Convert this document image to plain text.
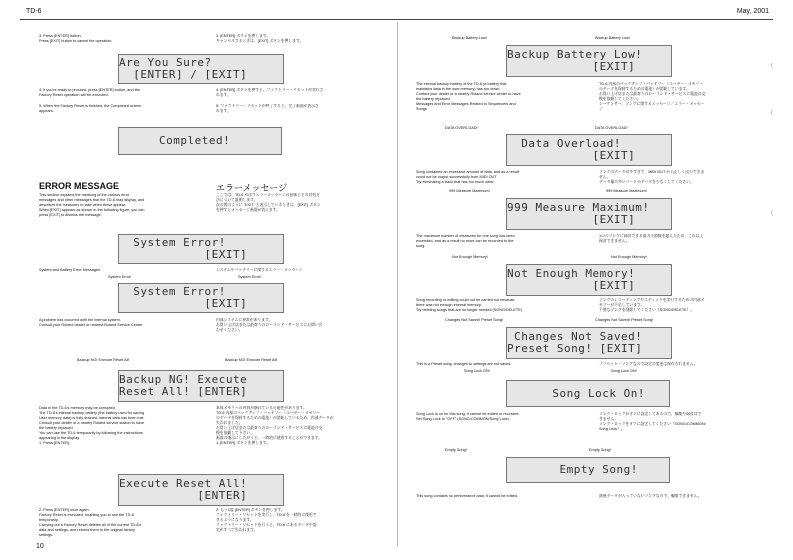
TD-6	May, 2001
(
(
(
3. Press [ENTER] button.
Press [EXIT] button to cancel the operation.
3. [ENTER] ボタンを押します。
キャンセルするときは、[EXIT] ボタンを押します。
Are You Sure?
[ENTER] / [EXIT]
4. If you're ready to proceed, press [ENTER] button, and the
Factory Reset operation will be executed.
4. [ENTER] ボタンを押すと、ファクトリー・リセットが実行さ
れます。
5. When the Factory Reset is finished, the Completed screen
appears.
5. ファクトリー・リセットが終了すると、完了画面が表示さ
れます。
Completed!
ERROR MESSAGE	エラーメッセージ
This section explains the meaning of the various error
messages and other messages that the TD-6 may display, and
describes the measures to take when these appear.
When [EXIT] appears as shown in the following figure, you can
press [EXIT] to dismiss the message.
ここでは、TD-6 が出すエラーメッセージの意味とその対処方
法について説明します。
次の図のように "EXIT" と表示しているときは、[EXIT] ボタン
を押すとメッセージ画面が消えます。
System Error!
[EXIT]
System and Battery Error Messages	システムやバッテリーに関するエラー・メッセージ
System Error!	System Error!
System Error!
[EXIT]
A problem has occurred with the internal system.
Consult your Roland dealer or nearest Roland Service Center.
内部システムに異常があります。
お買い上げ店または最寄りのローランド・サービスにお問い合
わせください。
Backup NG! Execute Reset All!	Backup NG! Execute Reset All!
Backup NG! Execute
Reset All! [ENTER]
Data in the TD-6's memory may be corrupted.
The TD-6's internal backup battery (the battery used for saving
User memory data) is fully drained; internal data has been lost.
Consult your dealer or a nearby Roland service station to have
the battery replaced.
You can use the TD-6 temporarily by following the instructions
appearing in the display.
1. Press [ENTER].
本体メモリーの内容が壊れている可能性があります。
TD-6 内部のバックアップ・バッテリー（ユーザー・メモリー
のデータを保持するための電池）が消耗しているため、内部データが
失われました。
お買い上げ店または最寄りのローランド・サービスに電池の交
換を依頼して下さい。
画面の指示にしたがうと、一時的に使用することができます。
1. [ENTER] ボタンを押します。
Execute Reset All!
[ENTER]
2. Press [ENTER] once again.
Factory Reset is executed, enabling you to use the TD-6
temporarily.
Carrying out a Factory Reset deletes all of the current TD-6's
data and settings, and returns them to the original factory
settings.
2. もう1度 [ENTER] ボタンを押します。
ファクトリー・リセットを実行し、TD-6 を一時的に使用で
きるようになります。
ファクトリー・リセットを行うと、TD-6 にあるデータや設
定がすべて失われます。
10
Backup Battery Low!	Backup Battery Low!
Backup Battery Low!
[EXIT]
The internal backup battery of the TD-6 (a battery that
maintains data in the user memory) has run down.
Contact your dealer or a nearby Roland service center to have
the battery replaced.
Messages and Error Messages Related to Sequencers and
Songs
TD-6 内部のバックアップ・バッテリー（ユーザー・メモリー
のデータを保持するための電池）が消耗しています。
お買い上げ店または最寄りのローランド・サービスに電池の交
換を依頼してください。
シーケンサー、ソングに関するメッセージ／エラー・メッセー
ジ
DATA OVERLOAD!	DATA OVERLOAD!
Data Overload!
[EXIT]
Song contained an excessive amount of data, and as a result
could not be output successfully from MIDI OUT.
Try eliminating a track that has too much data.
ソングのデータが多すぎて、MIDI OUT から正しく出力できま
せん。
データ量の多いパートのデータを少なくしてください。
999 Measure Maximum!	999 Measure Maximum!
999 Measure Maximum!
[EXIT]
The maximum number of measures for one song has been
exceeded, and as a result no more can be recorded to the
song.
1つのソングに録音できる最大小節数を超えたため、これ以上
録音できません。
Not Enough Memory!	Not Enough Memory!
Not Enough Memory!
[EXIT]
Song recording or editing could not be carried out because
there was not enough internal memory.
Try deleting songs that are no longer needed (SONG/DELETE).
ソングのレコーディングやエディットを実行するための内部メ
モリーが不足しています。
不要なソングを削除してください（SONG/DELETE）。
Changes Not Saved! Preset Song!	Changes Not Saved! Preset Song!
Changes Not Saved!
Preset Song! [EXIT]
This is a Preset song; changes to settings are not saved.	プリセット・ソングなので設定の変更は保存されません。
Song Lock ON!	Song Lock ON!
Song Lock On!
Song Lock is on for this song; it cannot be edited or recorded.
Set Song Lock to "OFF" (SONG/COMMON/Song Lock).
ソング・ロックがオンに設定してあるので、編集や録音はで
きません。
ソング・ロックをオフに設定してください（SONG/COMMON/
Song Lock）。
Empty Song!	Empty Song!
Empty Song!
This song contains no performance data; it cannot be edited.	演奏データが入っていないソングなので、編集できません。
